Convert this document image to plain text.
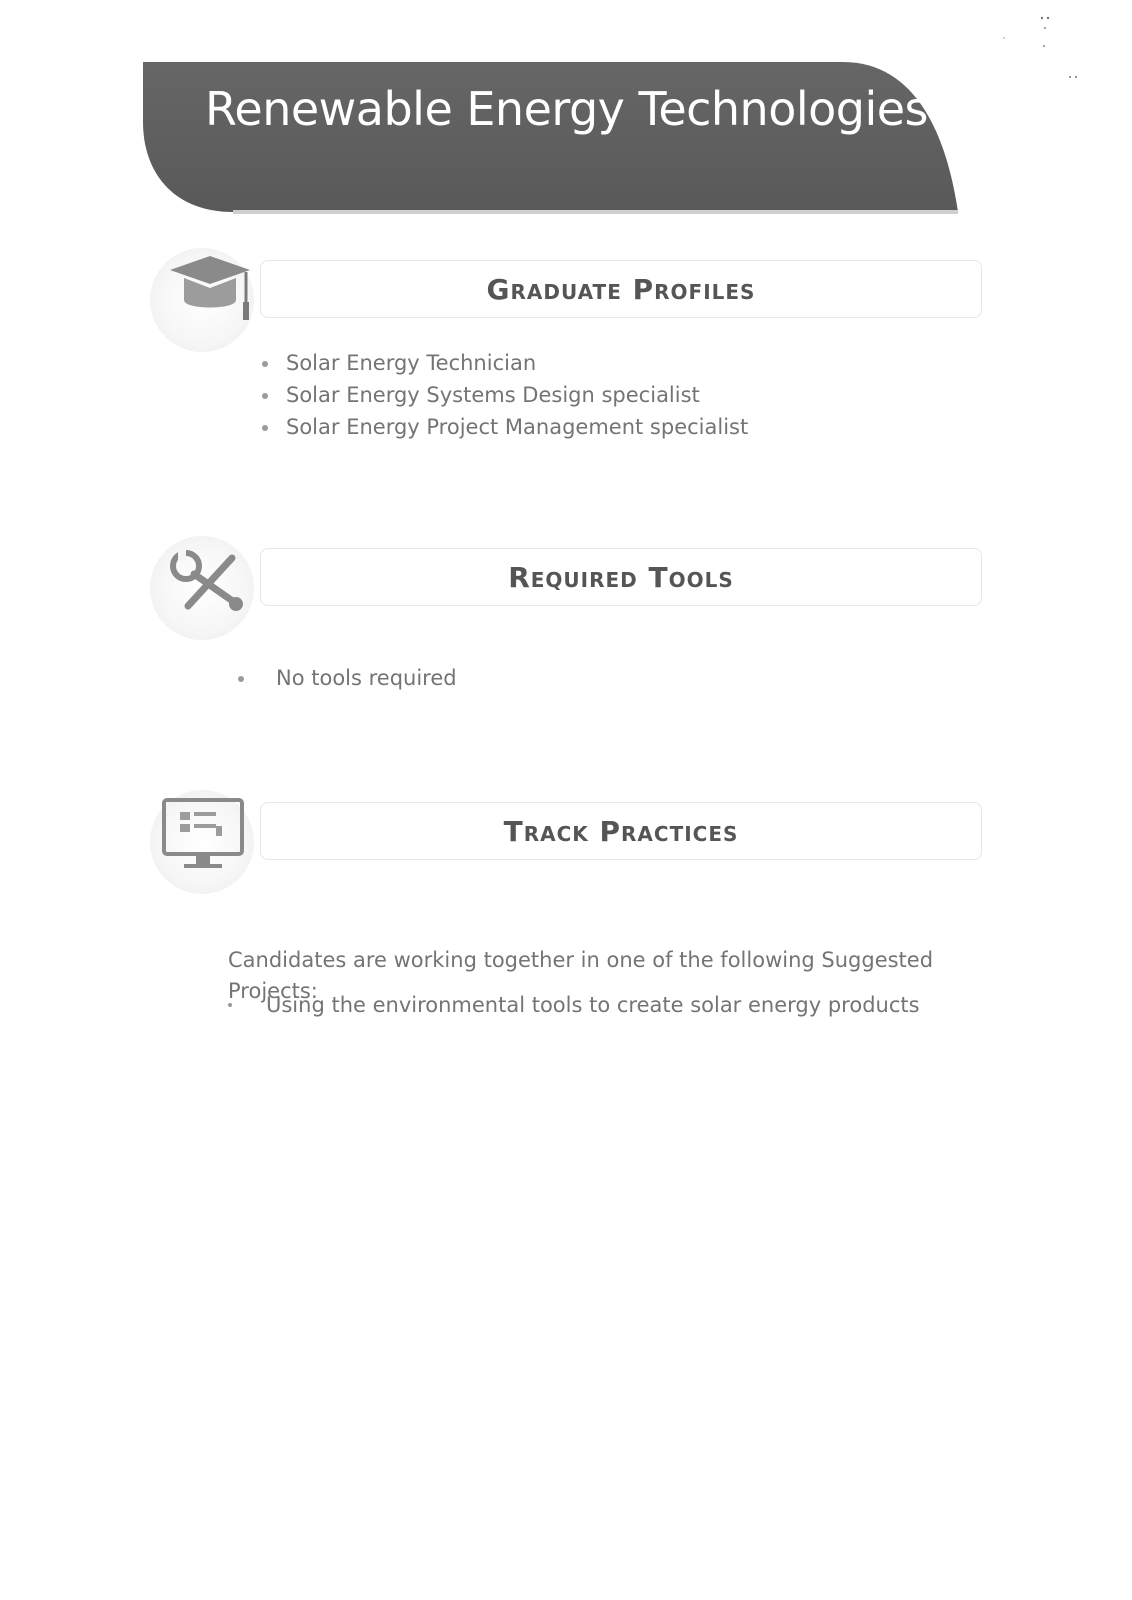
Renewable Energy Technologies
Graduate Profiles
Solar Energy Technician
Solar Energy Systems Design specialist
Solar Energy Project Management specialist
Required Tools
No tools required
Track Practices
Candidates are working together in one of the following Suggested Projects:
Using the environmental tools to create solar energy products
